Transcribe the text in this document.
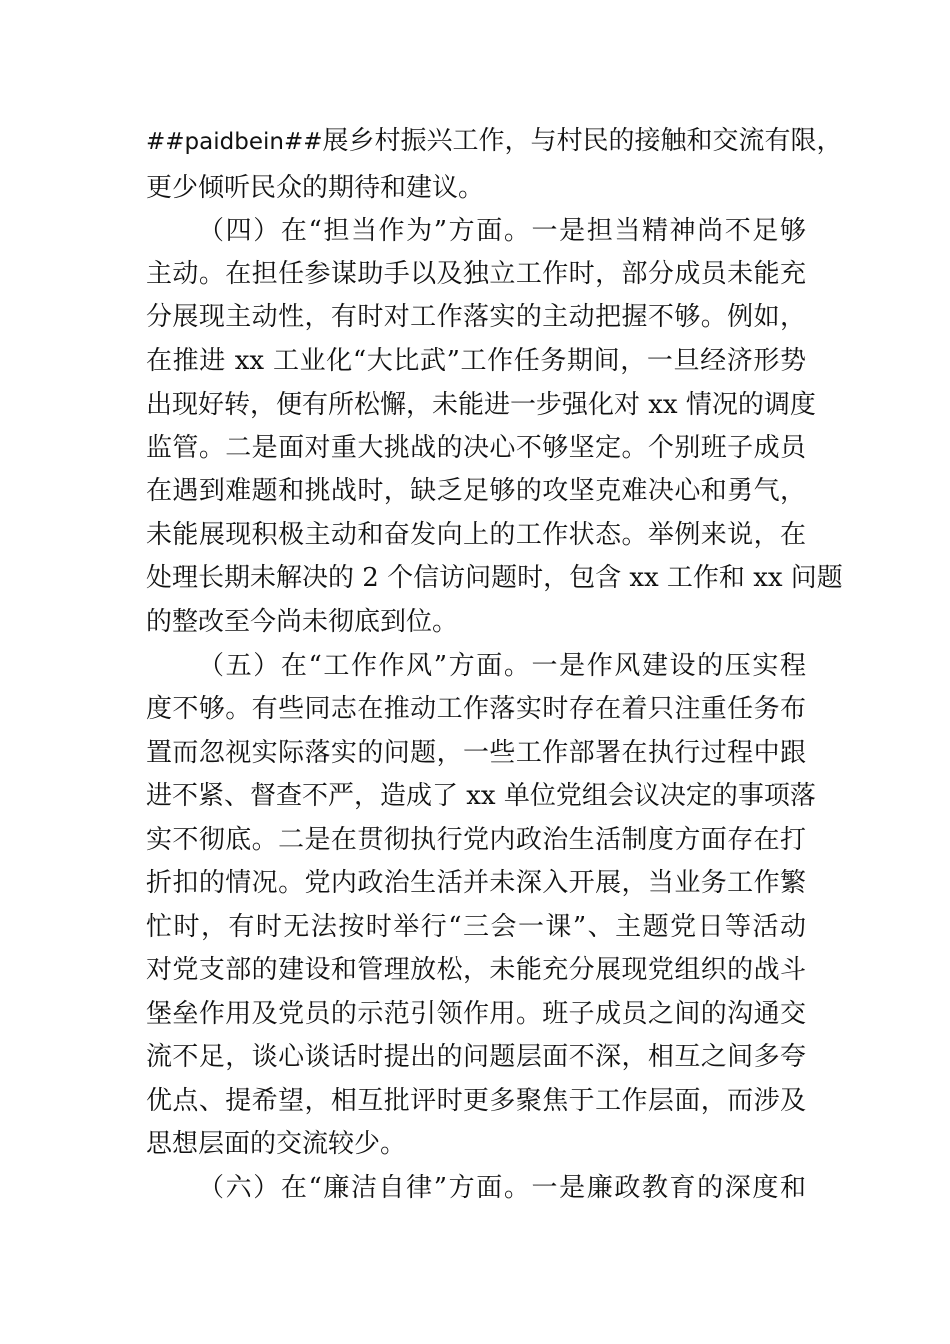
##paidbein##展乡村振兴工作，与村民的接触和交流有限，
更少倾听民众的期待和建议。
（四）在“担当作为”方面。一是担当精神尚不足够
主动。在担任参谋助手以及独立工作时，部分成员未能充
分展现主动性，有时对工作落实的主动把握不够。例如，
在推进 xx 工业化“大比武”工作任务期间，一旦经济形势
出现好转，便有所松懈，未能进一步强化对 xx 情况的调度
监管。二是面对重大挑战的决心不够坚定。个别班子成员
在遇到难题和挑战时，缺乏足够的攻坚克难决心和勇气，
未能展现积极主动和奋发向上的工作状态。举例来说，在
处理长期未解决的 2 个信访问题时，包含 xx 工作和 xx 问题
的整改至今尚未彻底到位。
（五）在“工作作风”方面。一是作风建设的压实程
度不够。有些同志在推动工作落实时存在着只注重任务布
置而忽视实际落实的问题，一些工作部署在执行过程中跟
进不紧、督查不严，造成了 xx 单位党组会议决定的事项落
实不彻底。二是在贯彻执行党内政治生活制度方面存在打
折扣的情况。党内政治生活并未深入开展，当业务工作繁
忙时，有时无法按时举行“三会一课”、主题党日等活动
对党支部的建设和管理放松，未能充分展现党组织的战斗
堡垒作用及党员的示范引领作用。班子成员之间的沟通交
流不足，谈心谈话时提出的问题层面不深，相互之间多夸
优点、提希望，相互批评时更多聚焦于工作层面，而涉及
思想层面的交流较少。
（六）在“廉洁自律”方面。一是廉政教育的深度和
